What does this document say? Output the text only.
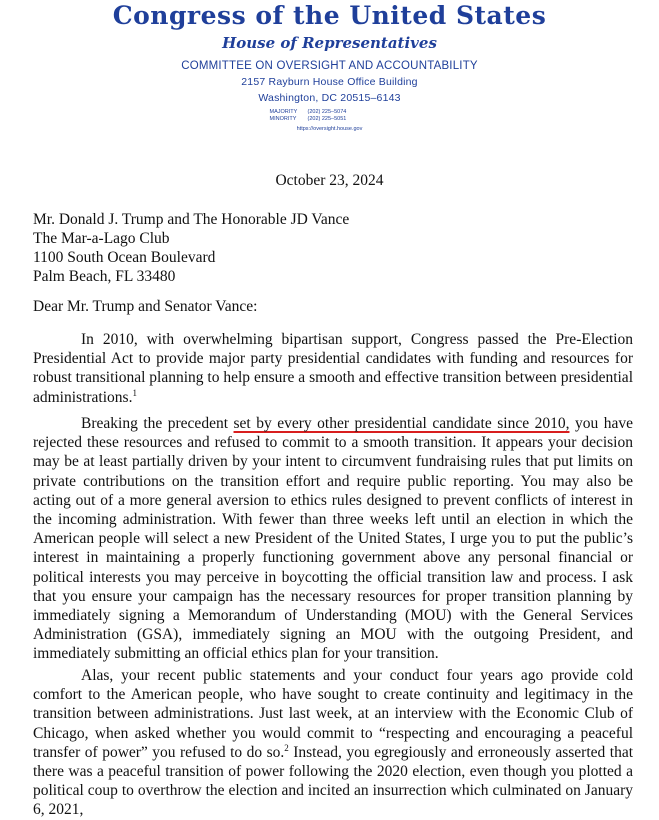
Congress of the United States
House of Representatives
COMMITTEE ON OVERSIGHT AND ACCOUNTABILITY
2157 Rayburn House Office Building
Washington, DC 20515–6143
MAJORITY	(202) 225–5074
MINORITY	(202) 225–5051
https://oversight.house.gov
October 23, 2024
Mr. Donald J. Trump and The Honorable JD Vance
The Mar-a-Lago Club
1100 South Ocean Boulevard
Palm Beach, FL 33480
Dear Mr. Trump and Senator Vance:
In 2010, with overwhelming bipartisan support, Congress passed the Pre-Election Presidential Act to provide major party presidential candidates with funding and resources for robust transitional planning to help ensure a smooth and effective transition between presidential administrations.$^1$
Breaking the precedent set by every other presidential candidate since 2010, you have rejected these resources and refused to commit to a smooth transition. It appears your decision may be at least partially driven by your intent to circumvent fundraising rules that put limits on private contributions on the transition effort and require public reporting. You may also be acting out of a more general aversion to ethics rules designed to prevent conflicts of interest in the incoming administration. With fewer than three weeks left until an election in which the American people will select a new President of the United States, I urge you to put the public’s interest in maintaining a properly functioning government above any personal financial or political interests you may perceive in boycotting the official transition law and process. I ask that you ensure your campaign has the necessary resources for proper transition planning by immediately signing a Memorandum of Understanding (MOU) with the General Services Administration (GSA), immediately signing an MOU with the outgoing President, and immediately submitting an official ethics plan for your transition.
Alas, your recent public statements and your conduct four years ago provide cold comfort to the American people, who have sought to create continuity and legitimacy in the transition between administrations. Just last week, at an interview with the Economic Club of Chicago, when asked whether you would commit to “respecting and encouraging a peaceful transfer of power” you refused to do so.$^2$ Instead, you egregiously and erroneously asserted that there was a peaceful transition of power following the 2020 election, even though you plotted a political coup to overthrow the election and incited an insurrection which culminated on January 6, 2021,
